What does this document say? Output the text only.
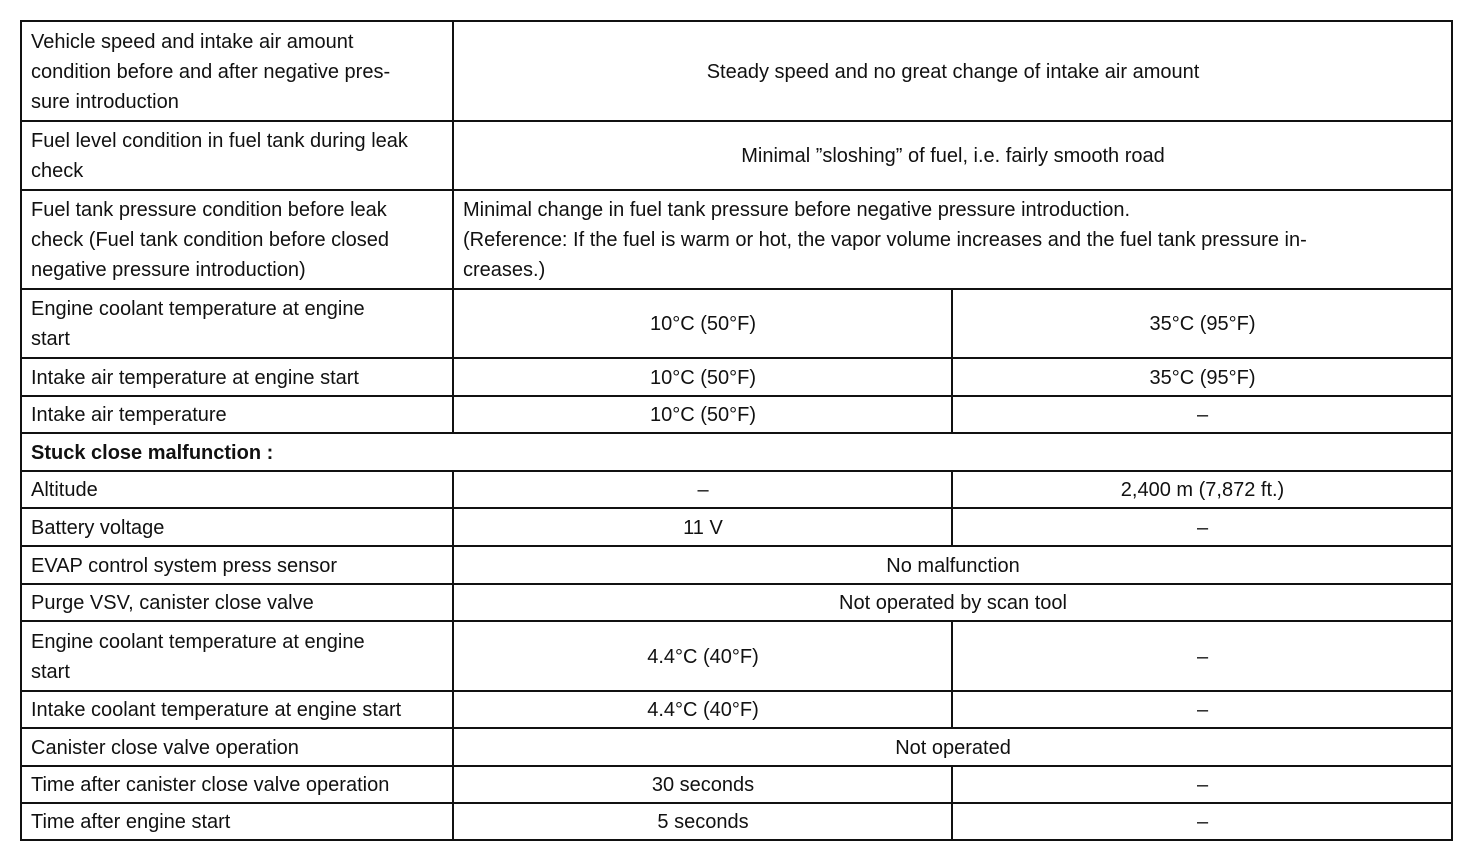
Vehicle speed and intake air amount
condition before and after negative pres-
sure introduction	Steady speed and no great change of intake air amount	

Fuel level condition in fuel tank during leak
check	Minimal ”sloshing” of fuel, i.e. fairly smooth road	

Fuel tank pressure condition before leak
check (Fuel tank condition before closed
negative pressure introduction)	Minimal change in fuel tank pressure before negative pressure introduction.
(Reference: If the fuel is warm or hot, the vapor volume increases and the fuel tank pressure in-
creases.)	

Engine coolant temperature at engine
start	10°C (50°F)	35°C (95°F)
Intake air temperature at engine start	10°C (50°F)	35°C (95°F)
Intake air temperature	10°C (50°F)	–
Stuck close malfunction :		
Altitude	–	2,400 m (7,872 ft.)
Battery voltage	11 V	–
EVAP control system press sensor	No malfunction	
Purge VSV, canister close valve	Not operated by scan tool	

Engine coolant temperature at engine
start	4.4°C (40°F)	–
Intake coolant temperature at engine start	4.4°C (40°F)	–
Canister close valve operation	Not operated	
Time after canister close valve operation	30 seconds	–
Time after engine start	5 seconds	–
